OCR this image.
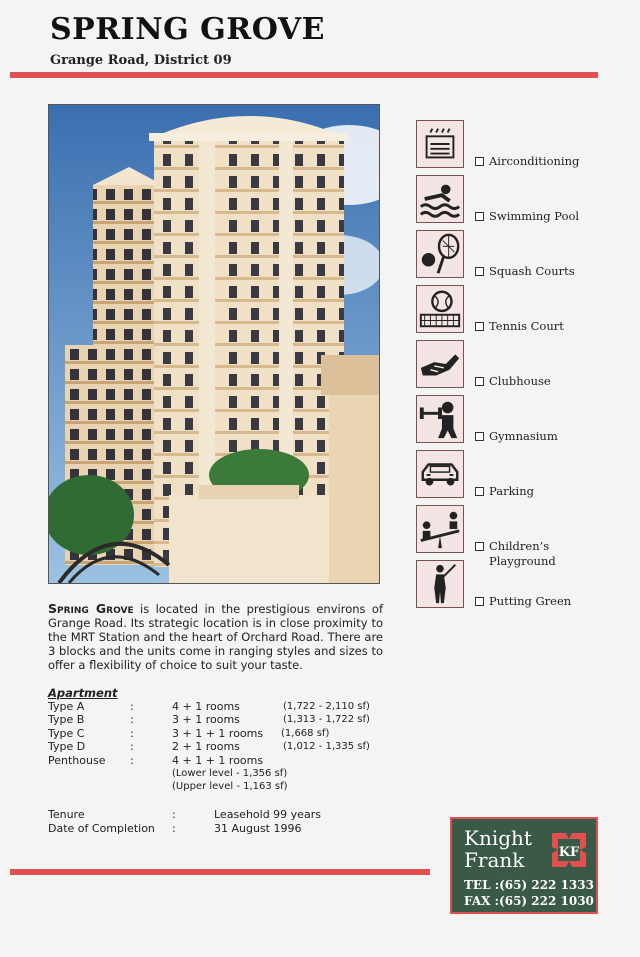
SPRING GROVE
Grange Road, District 09
Airconditioning
Swimming Pool
Squash Courts
Tennis Court
Clubhouse
Gymnasium
Parking
Children’s
Playground
Putting Green
Spring Grove is located in the prestigious environs of Grange Road. Its strategic location is in close proximity to the MRT Station and the heart of Orchard Road. There are 3 blocks and the units come in ranging styles and sizes to offer a flexibility of choice to suit your taste.
Apartment
Type A	:	4 + 1 rooms	(1,722 - 2,110 sf)
Type B	:	3 + 1 rooms	(1,313 - 1,722 sf)
Type C	:	3 + 1 + 1 rooms (1,668 sf)
Type D	:	2 + 1 rooms	(1,012 - 1,335 sf)
Penthouse :	4 + 1 + 1 rooms
(Lower level - 1,356 sf)
(Upper level - 1,163 sf)
Tenure	:	Leasehold 99 years
Date of Completion :	31 August 1996	Knight
Frank	KF
TEL :(65) 222 1333
FAX :(65) 222 1030
